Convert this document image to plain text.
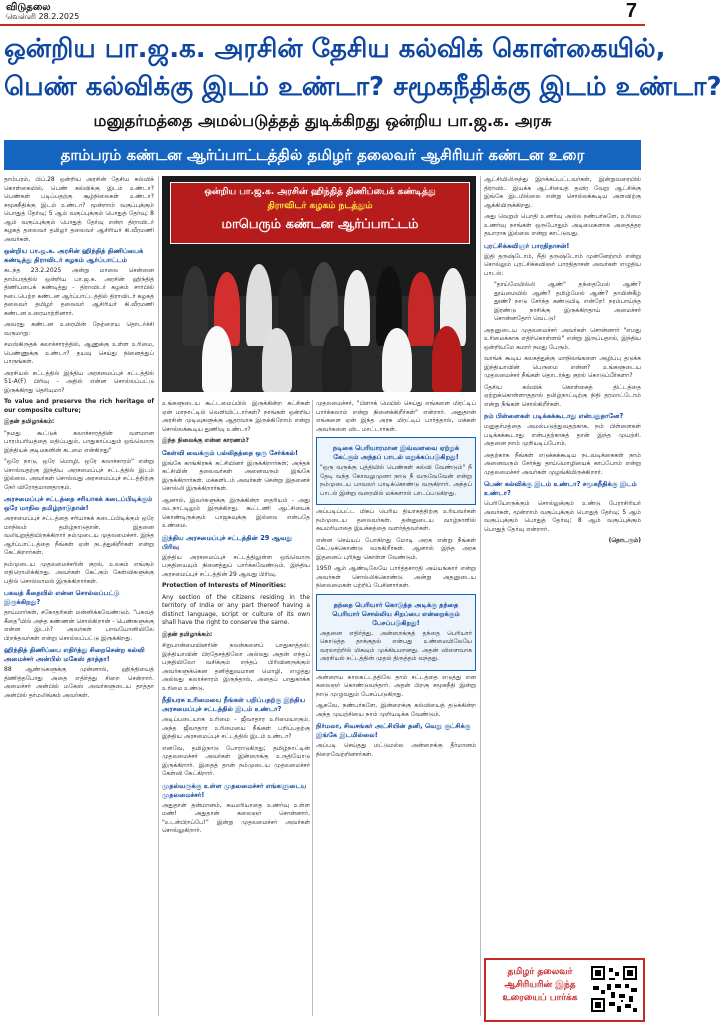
விடுதலை
வெள்ளி 28.2.2025	7
ஒன்றிய பா.ஜ.க. அரசின் தேசிய கல்விக் கொள்கையில்,
பெண் கல்விக்கு இடம் உண்டா? சமூகநீதிக்கு இடம் உண்டா?
மனுதர்மத்தை அமல்படுத்தத் துடிக்கிறது ஒன்றிய பா.ஜ.க. அரசு
தாம்பரம் கண்டன ஆர்ப்பாட்டத்தில் தமிழர் தலைவர் ஆசிரியர் கண்டன உரை

தாம்பரம், பிப்.28 ஒன்றிய அரசின் தேசிய கல்விக் கொள்கையில், பெண் கல்விக்கு இடம் உண்டா? பெண்கள் படிப்பதற்கு சூழ்நிலைகள் உண்டா? சமூகநீதிக்கு இடம் உண்டா? மூன்றாம் வகுப்புக்கும் பொதுத் தேர்வு; 5 ஆம் வகுப்புக்கும் பொதுத் தேர்வு; 8 ஆம் வகுப்புக்கும் பொதுத் தேர்வு என்ற திராவிடர் கழகத் தலைவர் தமிழர் தலைவர் ஆசிரியர் கி.வீரமணி அவர்கள்.

ஒன்றிய பா.ஜ.க. அரசின் ஹிந்தித் திணிப்பைக் கண்டித்து திராவிடர் கழகம் ஆர்ப்பாட்டம்

கடந்த 23.2.2025 அன்று மாலை சென்னை தாம்பரத்தில் ஒன்றிய பா.ஜ.க. அரசின் ஹிந்தித் திணிப்பைக் கண்டித்து - திராவிடர் கழகம் சார்பில் நடைபெற்ற கண்டன ஆர்ப்பாட்டத்தில் திராவிடர் கழகத் தலைவர் தமிழர் தலைவர் ஆசிரியர் கி.வீரமணி கண்டன உரையாற்றினார்.

அவரது கண்டன உரையின் நேற்றைய தொடர்ச்சி வருமாறு:

சமஸ்கிருதக் கலாச்சாரத்தில், ஆணுக்கு உள்ள உரிமை, பெண்ணுக்கு உண்டா? தயவு செய்து நினைத்துப் பாருங்கள்.

அரசியல் சட்டத்தில் இந்திய அரசமைப்புச் சட்டத்தில் 51-A(F) பிரிவு - அதில் என்ன சொல்லப்பட்டு இருக்கிறது தெரியுமா?

To value and preserve the rich heritage of our composite culture;

இதன் தமிழாக்கம்:

"நமது கூட்டுக் கலாச்சாரத்தின் வளமான பாரம்பரியத்தை மதிப்பதும், பாதுகாப்பதும் ஒவ்வொரு இந்தியக் குடிமகனின் கடமை என்கிறது"

"ஒரே நாடு, ஒரே மொழி, ஒரே கலாச்சாரம்" என்று சொல்வதற்கு இந்திய அரசமைப்புச் சட்டத்தில் இடம் இல்லை. அவர்கள் சொல்வது அரசமைப்புச் சட்டத்திற்கு நேர் விரோதமானதாகும்.

அரசமைப்புச் சட்டத்தை சரியாகக் கடைப்பிடிக்கும் ஒரே மாநில தமிழ்நாடுதான்!

அரசமைப்புச் சட்டத்தை சரியாகக் கடைப்பிடிக்கும் ஒரே மாநிலம் தமிழ்நாடுதான். இதனை வலியுறுத்தியிருக்கிறார் நம்முடைய முதலமைச்சர். இந்த ஆர்ப்பாட்டத்தை நீங்கள் ஏன் நடத்துகிறீர்கள் என்று கேட்கிறார்கள்.

நம்முடைய முதலமைச்சரின் குரல், உலகம் எங்கும் எதிரொலிக்கிறது. அவர்கள் கேட்கும் கேள்விகளுக்கு பதில் சொல்லாமல் இருக்கிறார்கள்.

பகவத் கீதையில் என்ன சொல்லப்பட்டு இருக்கிறது?

தாய்மார்கள், சகோதரிகள் மன்னிக்கவேண்டும். "பகவத் கீதை"யில் அந்த கண்ணன் சொல்கிறான் - பெண்களுக்கு என்ன இடம்? அவர்கள் பாவயோனியிலே பிறந்தவர்கள் என்று சொல்லப்பட்டு இருக்கிறது.

ஹிந்தித் திணிப்பை எதிர்த்து சிறைசென்ற கல்வி அமைச்சர் அன்பில் மகேஸ் தாத்தா!

88 ஆண்டுகளுக்கு முன்னால், ஹிந்தியைத் திணித்தபோது அதை எதிர்த்து சிறை சென்றார். அமைச்சர் அன்பில் மகேஸ் அவர்களுடைய தாத்தா அன்பில் தர்மலிங்கம் அவர்கள்.

ஒன்றிய பா.ஜ.க. அரசின் ஹிந்தித் திணிப்பைக் கண்டித்து
திராவிடர் கழகம் நடத்தும்
மாபெரும் கண்டன ஆர்ப்பாட்டம்

உங்களுடைய கூட்டமைப்பில் இருக்கின்ற கட்சிகள் ஏன் மாநாட்டில் வெளியிட்டார்கள்? நாங்கள் ஒன்றிய அரசின் முடிவுகளுக்கு ஆதரவாக இருக்கிறோம் என்று சொல்லக்கூடிய துணிவு உண்டா?

இந்த நிலைக்கு என்ன காரணம்?

கேள்வி வைக்கும் பல்லிதத்தை ஒரு சேர்க்கல்!

இங்கே காங்கிரசுக் கட்சியினர் இருக்கிறார்கள்; அந்தக் கட்சியின் தலைவர்கள் அனைவரும் இங்கே இருக்கிறார்கள். மக்களிடம் அவர்கள் சென்று இதனைச் சொல்லி இருக்கிறார்கள்.

ஆனால், இவர்களுக்கு இருக்கின்ற தைரியம் - அது வடநாட்டிலும் இருக்கிறது. கூட்டணி ஆட்சியைக் கொண்டிருக்கும் பாஜகவுக்கு இல்லை என்பதே உண்மை.

இந்திய அரசமைப்புச் சட்டத்தின் 29 ஆவது பிரிவு

இந்திய அரசமைப்புச் சட்டத்திலுள்ள ஒவ்வொரு பகுதியையும் நினைத்துப் பார்க்கவேண்டும். இந்திய அரசமைப்புச் சட்டத்தின் 29 ஆவது பிரிவு.

Protection of Interests of Minorities:

Any section of the citizens residing in the territory of India or any part thereof having a distinct language, script or culture of its own shall have the right to conserve the same.

இதன் தமிழாக்கம்:

சிறுபான்மையினரின் நலன்களைப் பாதுகாத்தல்: இந்தியாவின் பிரதேசத்திலோ அல்லது அதன் எந்தப் பகுதியிலோ வசிக்கும் எந்தப் பிரிவினருக்கும் அவர்களுக்கென தனித்துவமான மொழி, எழுத்து அல்லது கலாச்சாரம் இருந்தால், அதைப் பாதுகாக்க உரிமை உண்டு.

நீதியரசு உரிமையை நீங்கள் பறிப்பதற்கு இந்திய அரசமைப்புச் சட்டத்தில் இடம் உண்டா?

அடிப்படையாக உரிமை - ஜீவாதார உரிமையாகும். அந்த ஜீவாதார உரிமையை நீங்கள் பறிப்பதற்கு இந்திய அரசமைப்புச் சட்டத்தில் இடம் உண்டா?

எனவே, தமிழ்நாடு போராடுகிறது; தமிழ்நாட்டின் முதலமைச்சர் அவர்கள் இன்றைக்கு உருதியோடு இருக்கிறார். இதைத் தான் நம்முடைய முதலமைச்சர் கேள்வி கேட்கிறார்.

முதல்வருக்கு உள்ள முதலமைச்சர் எங்களுடைய முதலமைச்சர்!

அதுதான் தன்மானம், சுயமரியாதை உணர்வு உள்ள மண்! அதுதான் கலைஞர் சொன்னார், "உடன்பிறப்பே!" இன்று முதலமைச்சர் அவர்கள் சொல்லுகிறார்.

முதலமைச்சர், "பிளாக் மெயில் செய்து எங்களை மிரட்டிப் பார்க்கலாம் என்று நினைக்கிறீர்கள்" என்றார். அதுதான் எங்களை ஏன் இந்த அரசு மிரட்டிப் பார்த்தால், மக்கள் அவர்களை விட மாட்டார்கள்.

நடிகை பெரியாரமான இவ்வளவை ஏற்றுக் கேட்கும் அந்தப் பாடல் மறுக்கப்படுகிறது!

"ஒரு வருக்கு புத்தியில் பெண்கள் கல்வி வேண்டும்" நீ தேடி வந்த கோவலுமுனா நாடு நீ வருவேவேன் என்று நம்முடைய பாவலர் பாடிக்கொண்டு வருகிறார். அந்தப் பாடல் இன்று வரையில் மக்களால் பாடப்படுகிறது.

அப்படிப்பட்ட மிகப் பெரிய தியாகத்திற்கு உரியவர்கள் நம்முடைய தலைவர்கள். தன்னுடைய வாழ்நாளில் சுயமரியாதை இயக்கத்தை வளர்த்தவர்கள்.

என்ன செய்யப் போகிறது மோடி அரசு என்று நீங்கள் கேட்டுக்கொண்டு வருகிறீர்கள். ஆனால் இந்த அரசு இதனைப் புரிந்து கொள்ள வேண்டும்.

1950 ஆம் ஆண்டிலேயே பார்த்தசாரதி அய்யங்கார் என்று அவர்கள் சொல்லிக்கொண்டு அன்று அதனுடைய நிலைமைகள் பற்றிப் பேசினார்கள்.

தந்தை பெரியார் கொடுத்த அடிக்கு தந்தை பெரியார் சொல்லிய சிறப்பை என்றைக்கும் பேசப்படுகிறது!

அதனை எதிர்த்து, அன்றைக்குத் தந்தை பெரியார் கொடுத்த தாக்குதல் என்பது உண்மையிலேயே வரலாற்றில் மிகவும் முக்கியமானது. அதன் விளைவாக அரசியல் சட்டத்தின் முதல் திருத்தம் வந்தது.

அன்றைய காலகட்டத்திலே தாம் சட்டத்தை எடுத்து என கலைஞர் கொண்டுவந்தார். அதன் பிறகு சமூகநீதி இன்று நாடு முழுவதும் பேசப்படுகிறது.

ஆகவே, நண்பர்களே, இன்றைக்கு கல்வியைத் தடுக்கின்ற அந்த முயற்சியை நாம் முறியடிக்க வேண்டும்.

நிர்மலா, சிவசங்கர் அட்சியின் தனி, வெறு குட்சிக்கு இங்கே இடமில்லை!

அப்படி செய்தது மட்டுமல்ல அன்றைக்கு தீர்மானம் நிறைவேற்றினார்கள்.

ஆட்சியிலிருந்து இறக்கப்பட்டவர்கள், இன்றுவரையில் திராவிட இயக்க ஆட்சியைத் தவிர வேறு ஆட்சிக்கு இங்கே இடமில்லை என்று சொல்லக்கூடிய அளவிற்கு ஆக்கியிருக்கிறது.

அது வெறும் பொதி உணர்வு அல்ல நண்பர்களே, உரிமை உணர்வு நாங்கள் ஒருபோதும் அடிமைகளாக அதைத்தர தயாராக இல்லை என்று காட்டுவது.

புரட்சிக்கவிஞர் பாரதிதாசன்!

இதி தருஷ்டோம், நீதி தருஷ்டோம் முன்னேற்றம் என்று சொல்லும் புரட்சிக்கவிஞர் பாரதிதாசன் அவர்கள் எழுதிய பாடல்:

"தாய்மேயில்லி ஆண்" தந்தைமேல் ஆண்? தூய்மையில் ஆண்? தமிழ்மேல் ஆண்? தாயின்கீழ் தூண்? நாடு சேர்ந்த கண்டுபிடி என்றே! நரம்பாய்ந்த இரண்டு நாசிக்கு இருக்கிறதாய் அமைச்சர் சொன்னதோர் வெட்டு!

அதனுடைய முதலமைச்சர் அவர்கள் சொன்னார் "எமது உரிமைக்காக எதிர்கொள்ளல்" என்று இருப்பதால், இந்திய ஒன்றியமே சுமார் நமது பேரும்.

வாங்க் கூடிய கலகத்துக்கு மாநிலங்களை அழிப்பு தடுக்க இந்தியாவின் பெருமை என்ன? உங்களுடைய முதலமைச்சர் நீங்கள் தொடர்ந்து குரல் கொடுப்பீர்களா?

தேசிய கல்விக் கொள்கைத் திட்டத்தை ஏற்றுக்கொள்ளாததால் தமிழ்நாட்டிற்கு நிதி தரமாட்டோம் என்று நீங்கள் சொல்கிறீர்கள்.

நம் பிள்ளைகள் படிக்கக்கூடாது என்பதுதானே?

மனுதர்மத்தை அமல்படுத்துவதற்காக, நம் பிள்ளைகள் படிக்கக்கூடாது என்பதற்காகத் தான் இந்த முயற்சி. அதனை நாம் முறியடிப்போம்.

அதற்காக நீங்கள் எடுக்கக்கூடிய நடவடிக்கைகள் நாம் அனைவரும் சேர்ந்து தாய்மொழியைக் காப்போம் என்று முதலமைச்சர் அவர்கள் முழங்கியிருக்கிறார்.

பெண் கல்விக்கு இடம் உண்டா? சமூகநீதிக்கு இடம் உண்டா?

பெரியோருக்கும் சொல்லுக்கும் உண்டு பேராசிரியர் அவர்கள், மூன்றாம் வகுப்புக்கும் பொதுத் தேர்வு; 5 ஆம் வகுப்புக்கும் பொதுத் தேர்வு; 8 ஆம் வகுப்புக்கும் பொதுத் தேர்வு என்றார்.

(தொடரும்)

தமிழர் தலைவர்
ஆசிரியரின் இந்த
உரையைப் பார்க்க
